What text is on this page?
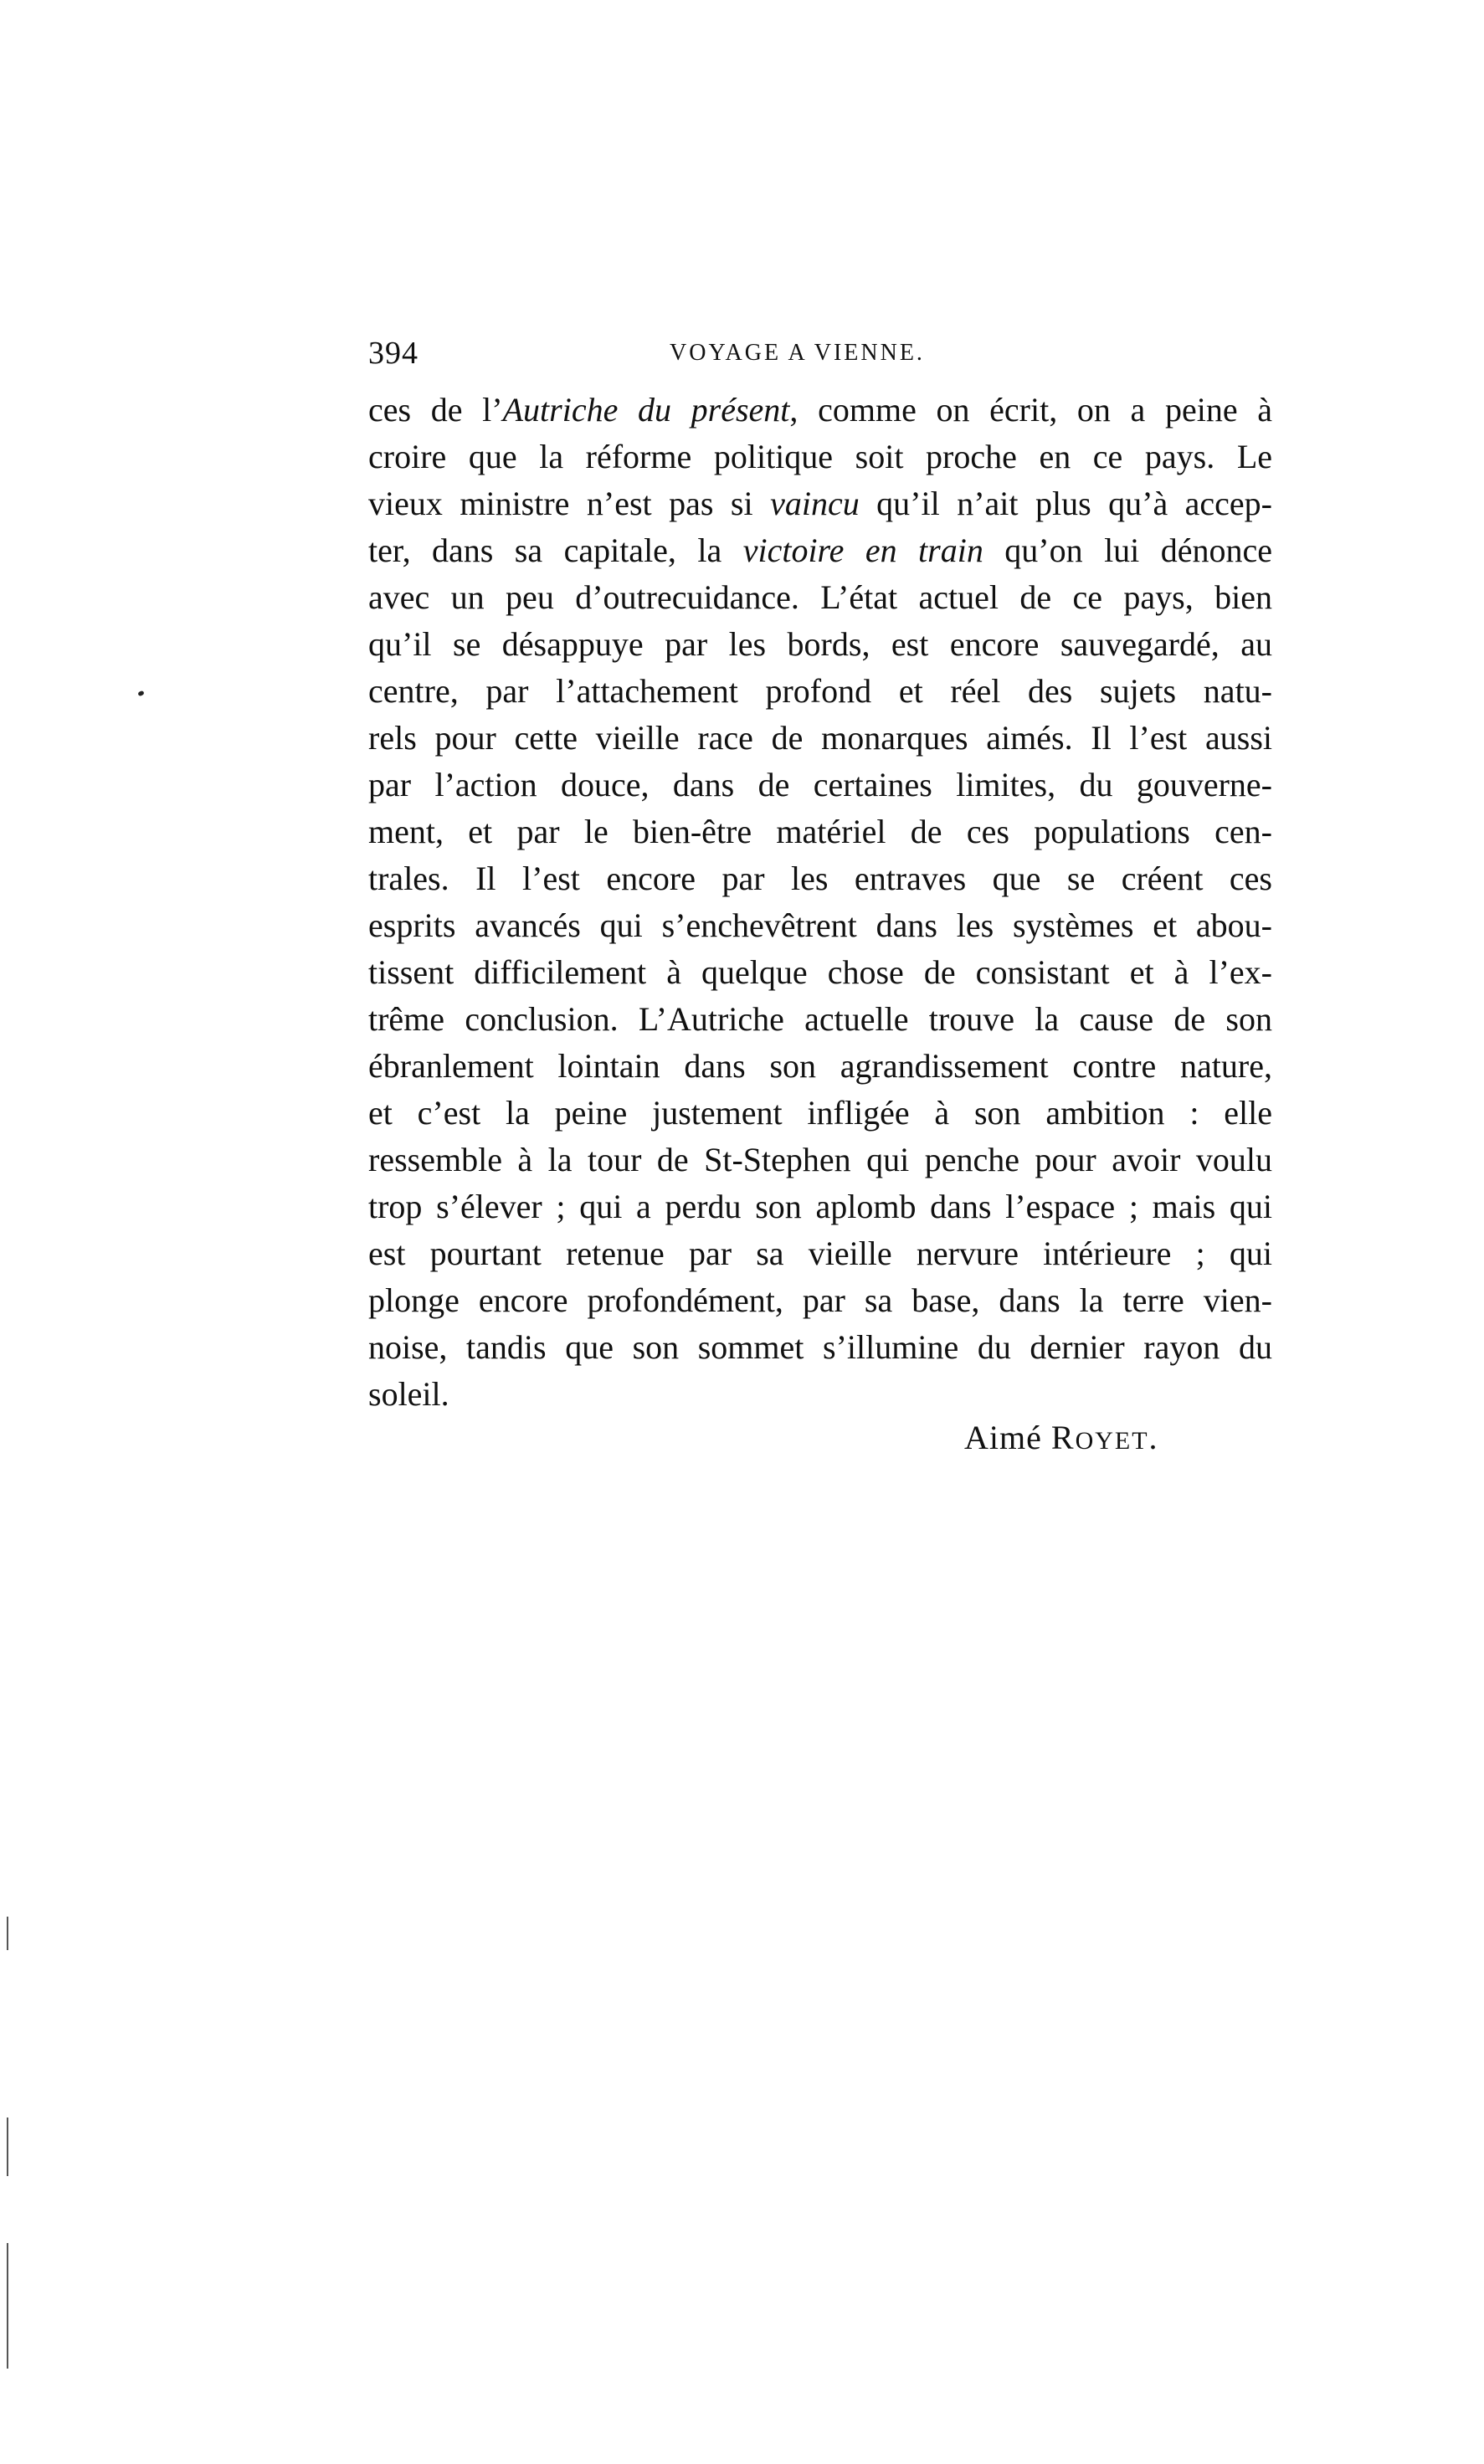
394	VOYAGE A VIENNE.
ces de l’Autriche du présent, comme on écrit, on a peine à
croire que la réforme politique soit proche en ce pays. Le
vieux ministre n’est pas si vaincu qu’il n’ait plus qu’à accep-
ter, dans sa capitale, la victoire en train qu’on lui dénonce
avec un peu d’outrecuidance. L’état actuel de ce pays, bien
qu’il se désappuye par les bords, est encore sauvegardé, au
centre, par l’attachement profond et réel des sujets natu-
rels pour cette vieille race de monarques aimés. Il l’est aussi
par l’action douce, dans de certaines limites, du gouverne-
ment, et par le bien-être matériel de ces populations cen-
trales. Il l’est encore par les entraves que se créent ces
esprits avancés qui s’enchevêtrent dans les systèmes et abou-
tissent difficilement à quelque chose de consistant et à l’ex-
trême conclusion. L’Autriche actuelle trouve la cause de son
ébranlement lointain dans son agrandissement contre nature,
et c’est la peine justement infligée à son ambition : elle
ressemble à la tour de St-Stephen qui penche pour avoir voulu
trop s’élever ; qui a perdu son aplomb dans l’espace ; mais qui
est pourtant retenue par sa vieille nervure intérieure ; qui
plonge encore profondément, par sa base, dans la terre vien-
noise, tandis que son sommet s’illumine du dernier rayon du
soleil.
Aimé ROYET.
